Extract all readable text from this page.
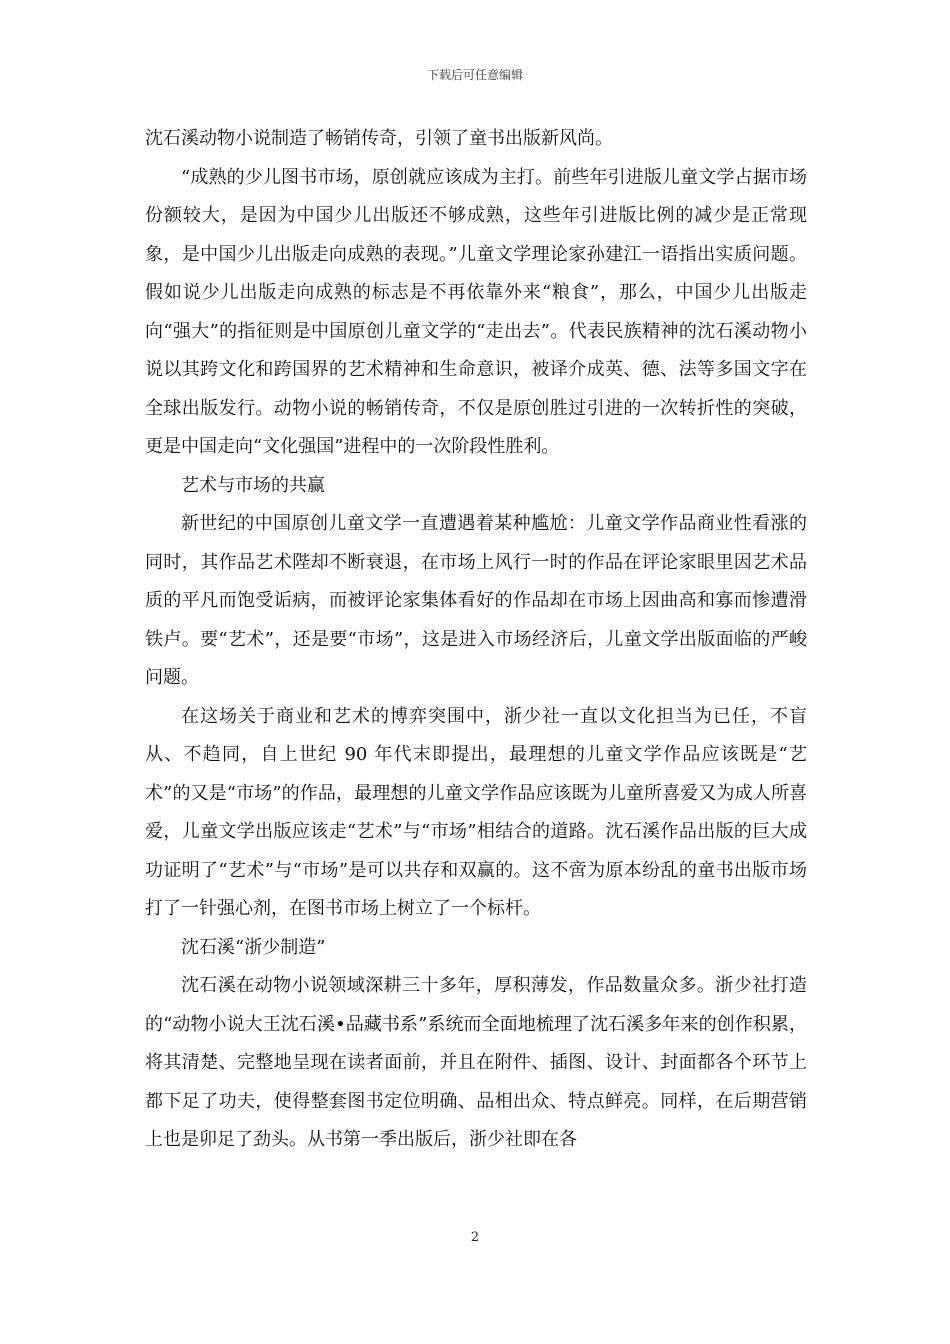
下载后可任意编辑

沈石溪动物小说制造了畅销传奇，引领了童书出版新风尚。

“成熟的少儿图书市场，原创就应该成为主打。前些年引进版儿童文学占据市场份额较大，是因为中国少儿出版还不够成熟，这些年引进版比例的减少是正常现象，是中国少儿出版走向成熟的表现。”儿童文学理论家孙建江一语指出实质问题。假如说少儿出版走向成熟的标志是不再依靠外来“粮食”，那么，中国少儿出版走向“强大”的指征则是中国原创儿童文学的“走出去”。代表民族精神的沈石溪动物小说以其跨文化和跨国界的艺术精神和生命意识，被译介成英、德、法等多国文字在全球出版发行。动物小说的畅销传奇，不仅是原创胜过引进的一次转折性的突破，更是中国走向“文化强国”进程中的一次阶段性胜利。

艺术与市场的共赢

新世纪的中国原创儿童文学一直遭遇着某种尴尬：儿童文学作品商业性看涨的同时，其作品艺术陛却不断衰退，在市场上风行一时的作品在评论家眼里因艺术品质的平凡而饱受诟病，而被评论家集体看好的作品却在市场上因曲高和寡而惨遭滑铁卢。要“艺术”，还是要“市场”，这是进入市场经济后，儿童文学出版面临的严峻问题。

在这场关于商业和艺术的博弈突围中，浙少社一直以文化担当为已任，不盲从、不趋同，自上世纪 90 年代末即提出，最理想的儿童文学作品应该既是“艺术”的又是“市场”的作品，最理想的儿童文学作品应该既为儿童所喜爱又为成人所喜爱，儿童文学出版应该走“艺术”与“市场”相结合的道路。沈石溪作品出版的巨大成功证明了“艺术”与“市场”是可以共存和双赢的。这不啻为原本纷乱的童书出版市场打了一针强心剂，在图书市场上树立了一个标杆。

沈石溪“浙少制造”

沈石溪在动物小说领域深耕三十多年，厚积薄发，作品数量众多。浙少社打造的“动物小说大王沈石溪•品藏书系”系统而全面地梳理了沈石溪多年来的创作积累，将其清楚、完整地呈现在读者面前，并且在附件、插图、设计、封面都各个环节上都下足了功夫，使得整套图书定位明确、品相出众、特点鲜亮。同样，在后期营销上也是卯足了劲头。从书第一季出版后，浙少社即在各

2
